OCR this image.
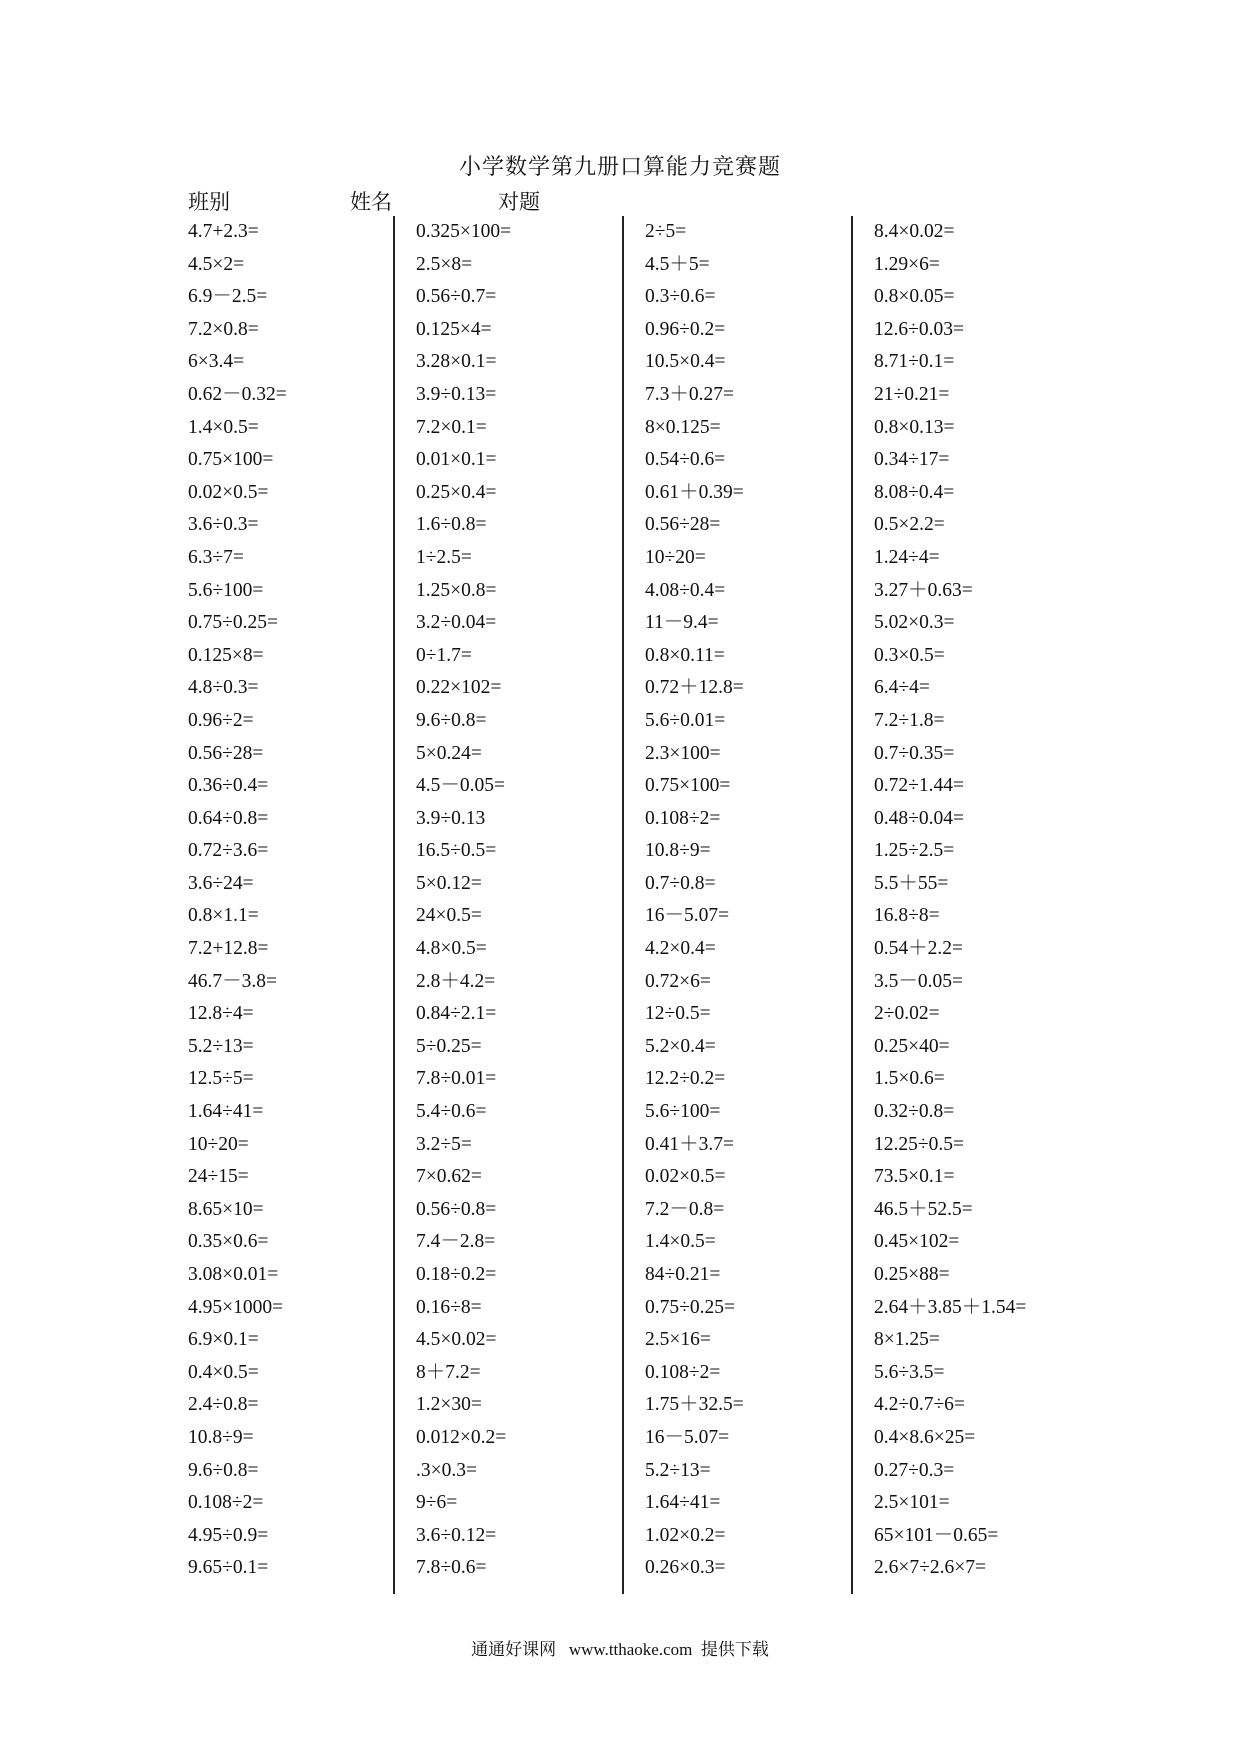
小学数学第九册口算能力竞赛题
班别	姓名	对题
4.7+2.3=
4.5×2=
6.9－2.5=
7.2×0.8=
6×3.4=
0.62－0.32=
1.4×0.5=
0.75×100=
0.02×0.5=
3.6÷0.3=
6.3÷7=
5.6÷100=
0.75÷0.25=
0.125×8=
4.8÷0.3=
0.96÷2=
0.56÷28=
0.36÷0.4=
0.64÷0.8=
0.72÷3.6=
3.6÷24=
0.8×1.1=
7.2+12.8=
46.7－3.8=
12.8÷4=
5.2÷13=
12.5÷5=
1.64÷41=
10÷20=
24÷15=
8.65×10=
0.35×0.6=
3.08×0.01=
4.95×1000=
6.9×0.1=
0.4×0.5=
2.4÷0.8=
10.8÷9=
9.6÷0.8=
0.108÷2=
4.95÷0.9=
9.65÷0.1=
0.325×100=
2.5×8=
0.56÷0.7=
0.125×4=
3.28×0.1=
3.9÷0.13=
7.2×0.1=
0.01×0.1=
0.25×0.4=
1.6÷0.8=
1÷2.5=
1.25×0.8=
3.2÷0.04=
0÷1.7=
0.22×102=
9.6÷0.8=
5×0.24=
4.5－0.05=
3.9÷0.13
16.5÷0.5=
5×0.12=
24×0.5=
4.8×0.5=
2.8＋4.2=
0.84÷2.1=
5÷0.25=
7.8÷0.01=
5.4÷0.6=
3.2÷5=
7×0.62=
0.56÷0.8=
7.4－2.8=
0.18÷0.2=
0.16÷8=
4.5×0.02=
8＋7.2=
1.2×30=
0.012×0.2=
.3×0.3=
9÷6=
3.6÷0.12=
7.8÷0.6=
2÷5=
4.5＋5=
0.3÷0.6=
0.96÷0.2=
10.5×0.4=
7.3＋0.27=
8×0.125=
0.54÷0.6=
0.61＋0.39=
0.56÷28=
10÷20=
4.08÷0.4=
11－9.4=
0.8×0.11=
0.72＋12.8=
5.6÷0.01=
2.3×100=
0.75×100=
0.108÷2=
10.8÷9=
0.7÷0.8=
16－5.07=
4.2×0.4=
0.72×6=
12÷0.5=
5.2×0.4=
12.2÷0.2=
5.6÷100=
0.41＋3.7=
0.02×0.5=
7.2－0.8=
1.4×0.5=
84÷0.21=
0.75÷0.25=
2.5×16=
0.108÷2=
1.75＋32.5=
16－5.07=
5.2÷13=
1.64÷41=
1.02×0.2=
0.26×0.3=
8.4×0.02=
1.29×6=
0.8×0.05=
12.6÷0.03=
8.71÷0.1=
21÷0.21=
0.8×0.13=
0.34÷17=
8.08÷0.4=
0.5×2.2=
1.24÷4=
3.27＋0.63=
5.02×0.3=
0.3×0.5=
6.4÷4=
7.2÷1.8=
0.7÷0.35=
0.72÷1.44=
0.48÷0.04=
1.25÷2.5=
5.5＋55=
16.8÷8=
0.54＋2.2=
3.5－0.05=
2÷0.02=
0.25×40=
1.5×0.6=
0.32÷0.8=
12.25÷0.5=
73.5×0.1=
46.5＋52.5=
0.45×102=
0.25×88=
2.64＋3.85＋1.54=
8×1.25=
5.6÷3.5=
4.2÷0.7÷6=
0.4×8.6×25=
0.27÷0.3=
2.5×101=
65×101－0.65=
2.6×7÷2.6×7=
通通好课网   www.tthaoke.com  提供下载
